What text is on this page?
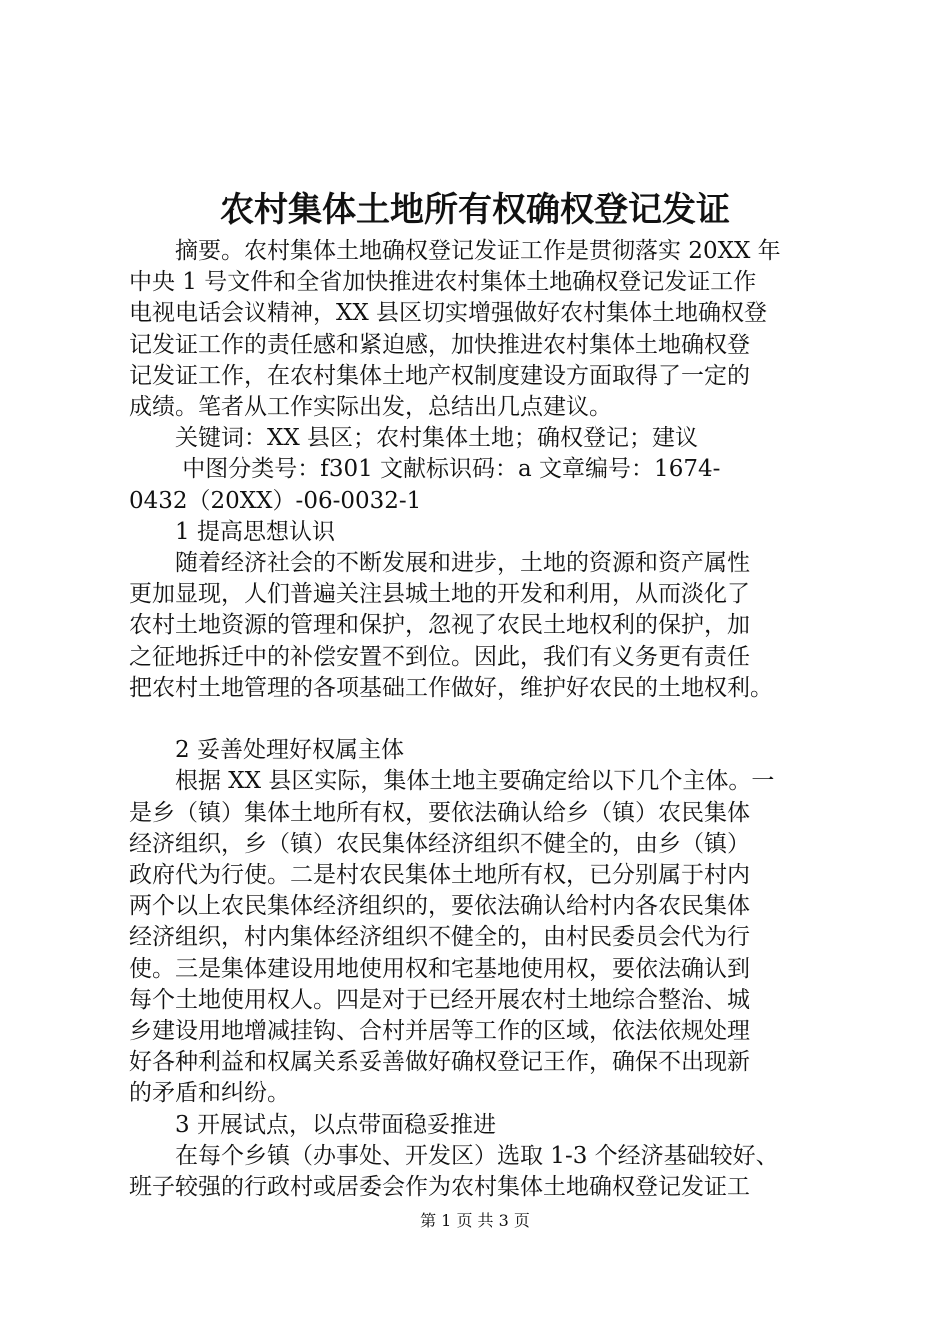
农村集体土地所有权确权登记发证
　　摘要。农村集体土地确权登记发证工作是贯彻落实 20XX 年
中央 1 号文件和全省加快推进农村集体土地确权登记发证工作
电视电话会议精神，XX 县区切实增强做好农村集体土地确权登
记发证工作的责任感和紧迫感，加快推进农村集体土地确权登
记发证工作，在农村集体土地产权制度建设方面取得了一定的
成绩。笔者从工作实际出发，总结出几点建议。
　　关键词：XX 县区；农村集体土地；确权登记；建议
　　 中图分类号：f301 文献标识码：a 文章编号：1674-
0432（20XX）-06-0032-1
　　1 提高思想认识
　　随着经济社会的不断发展和进步，土地的资源和资产属性
更加显现，人们普遍关注县城土地的开发和利用，从而淡化了
农村土地资源的管理和保护，忽视了农民土地权利的保护，加
之征地拆迁中的补偿安置不到位。因此，我们有义务更有责任
把农村土地管理的各项基础工作做好，维护好农民的土地权利。
　　2 妥善处理好权属主体
　　根据 XX 县区实际，集体土地主要确定给以下几个主体。一
是乡（镇）集体土地所有权，要依法确认给乡（镇）农民集体
经济组织，乡（镇）农民集体经济组织不健全的，由乡（镇）
政府代为行使。二是村农民集体土地所有权，已分别属于村内
两个以上农民集体经济组织的，要依法确认给村内各农民集体
经济组织，村内集体经济组织不健全的，由村民委员会代为行
使。三是集体建设用地使用权和宅基地使用权，要依法确认到
每个土地使用权人。四是对于已经开展农村土地综合整治、城
乡建设用地增减挂钩、合村并居等工作的区域，依法依规处理
好各种利益和权属关系妥善做好确权登记王作，确保不出现新
的矛盾和纠纷。
　　3 开展试点，以点带面稳妥推进
　　在每个乡镇（办事处、开发区）选取 1-3 个经济基础较好、
班子较强的行政村或居委会作为农村集体土地确权登记发证工
第 1 页 共 3 页
